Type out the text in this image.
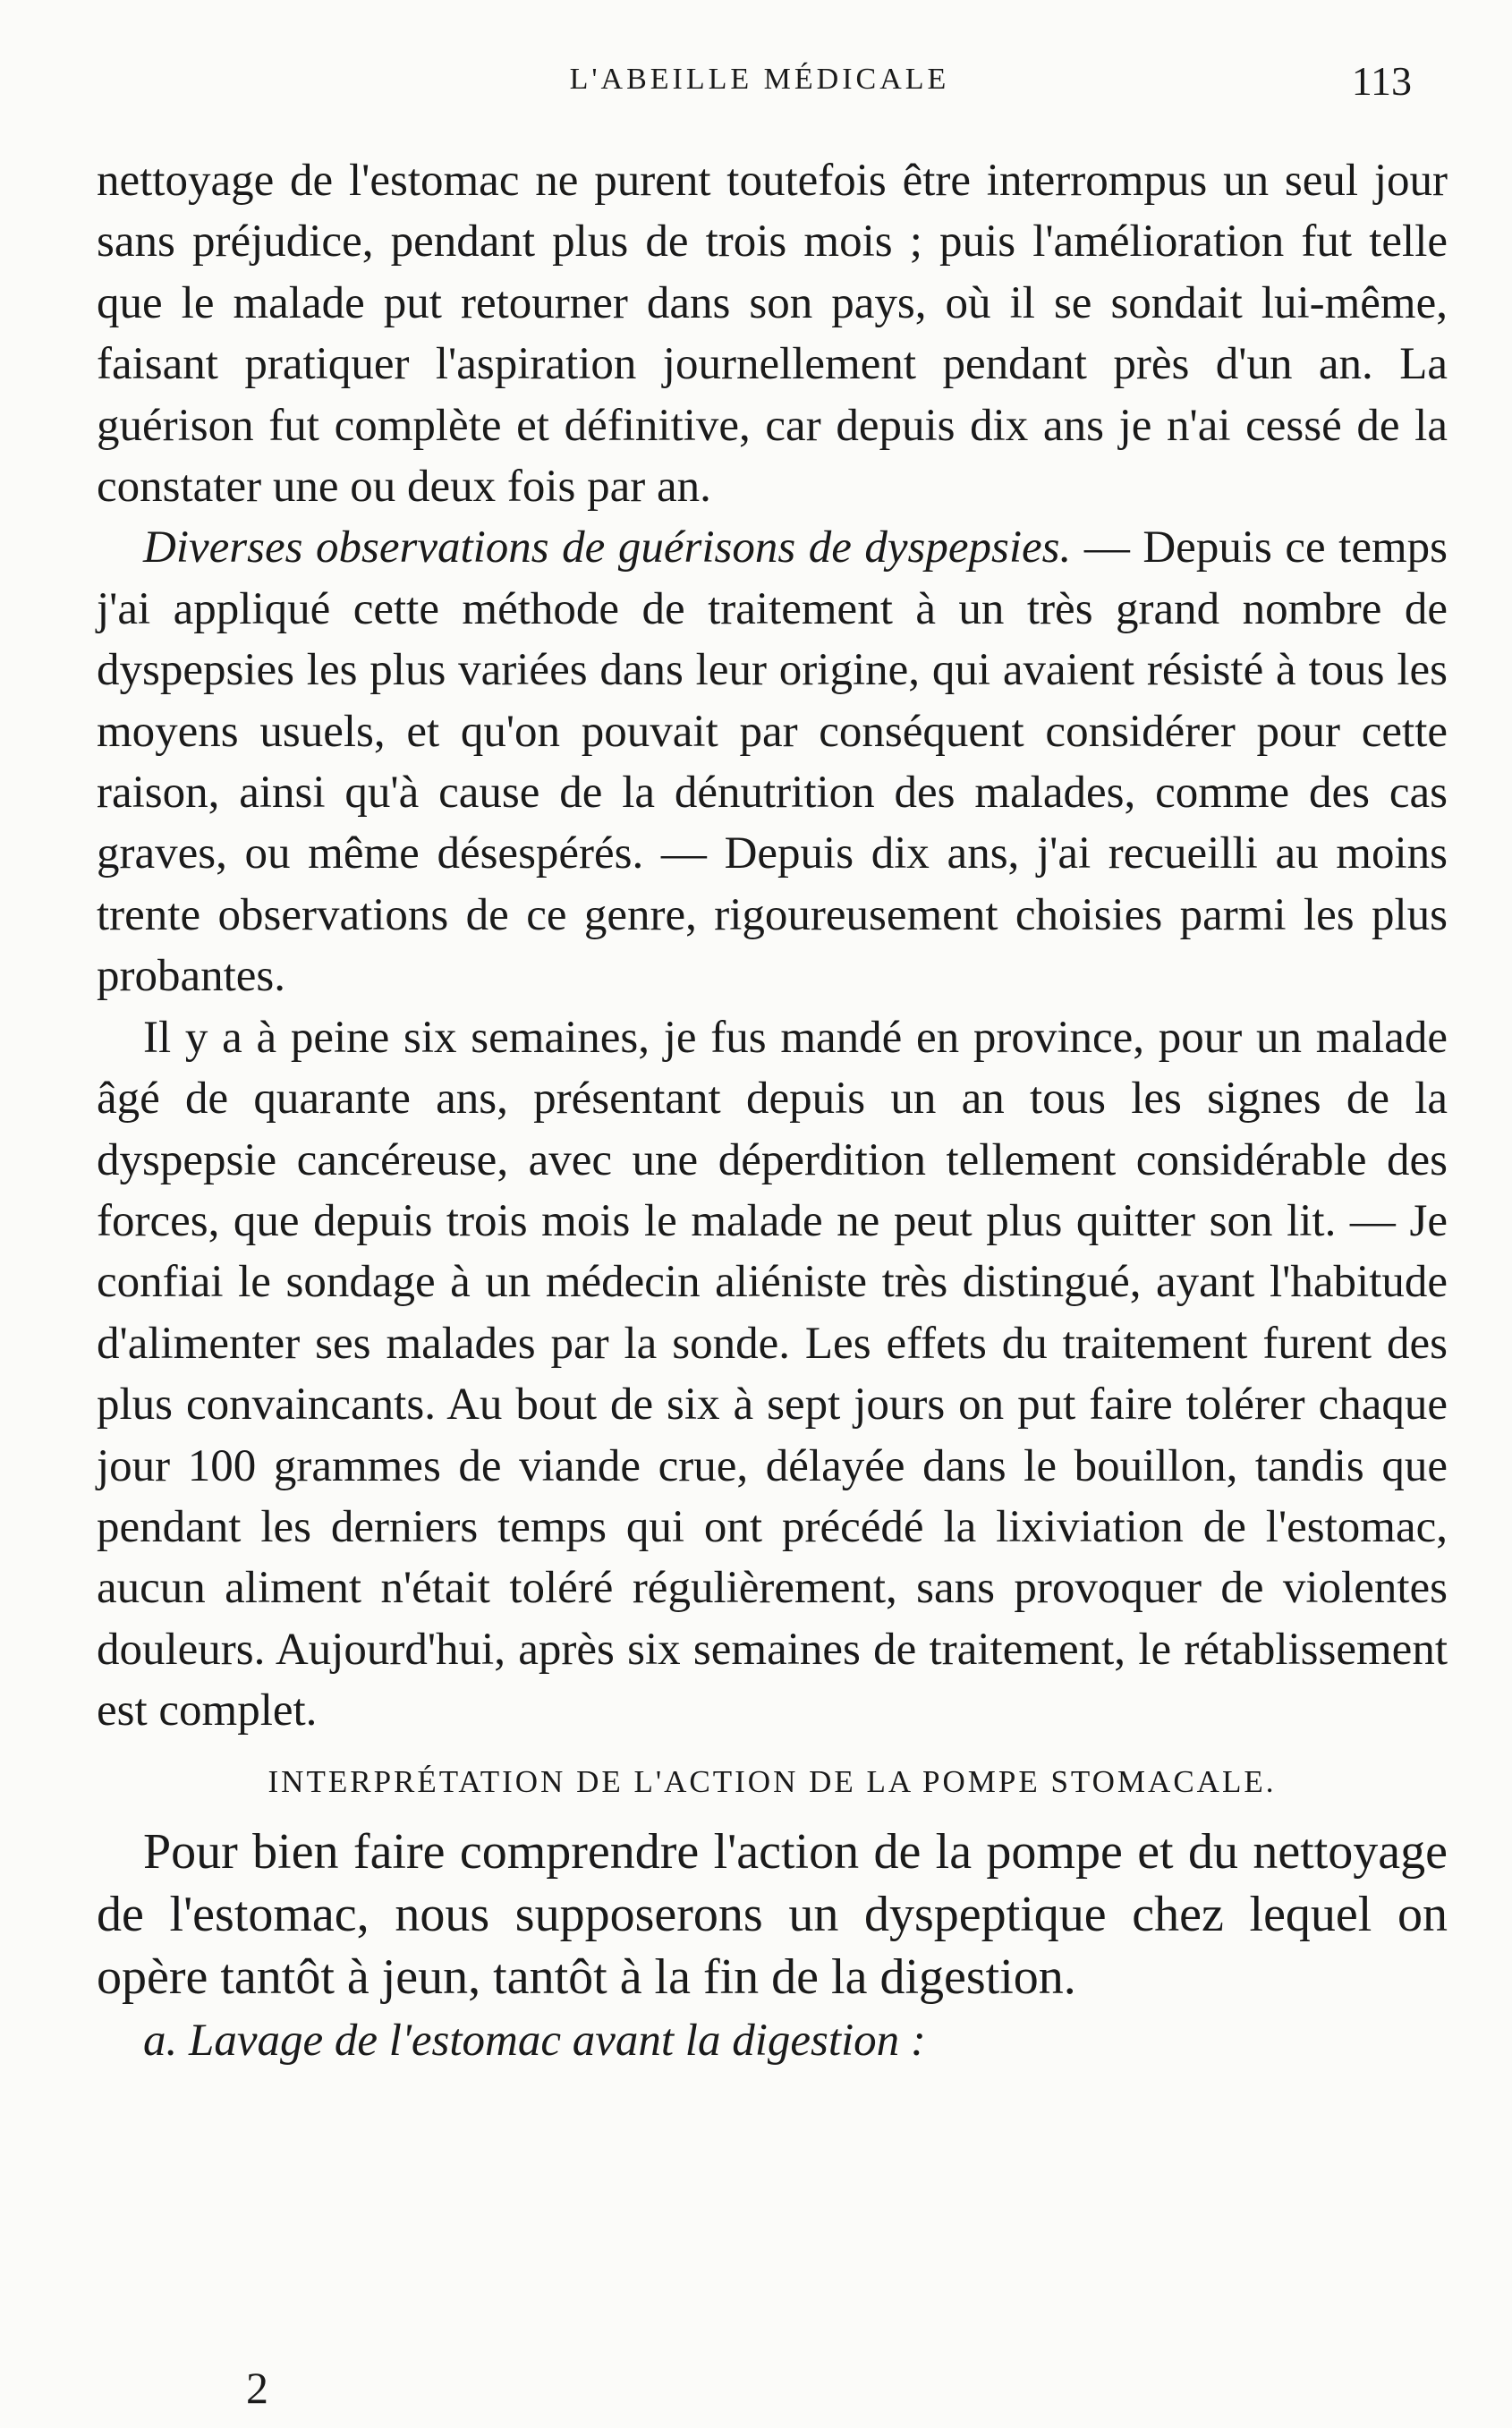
L'ABEILLE MÉDICALE	113

nettoyage de l'estomac ne purent toutefois être interrompus un seul jour sans préjudice, pendant plus de trois mois ; puis l'amélioration fut telle que le malade put retourner dans son pays, où il se sondait lui-même, faisant pratiquer l'aspiration journellement pendant près d'un an. La guérison fut complète et définitive, car depuis dix ans je n'ai cessé de la constater une ou deux fois par an.

Diverses observations de guérisons de dyspepsies. — Depuis ce temps j'ai appliqué cette méthode de traitement à un très grand nombre de dyspepsies les plus variées dans leur origine, qui avaient résisté à tous les moyens usuels, et qu'on pouvait par conséquent considérer pour cette raison, ainsi qu'à cause de la dénutrition des malades, comme des cas graves, ou même désespérés. — Depuis dix ans, j'ai recueilli au moins trente observations de ce genre, rigoureusement choisies parmi les plus probantes.

Il y a à peine six semaines, je fus mandé en province, pour un malade âgé de quarante ans, présentant depuis un an tous les signes de la dyspepsie cancéreuse, avec une déperdition tellement considérable des forces, que depuis trois mois le malade ne peut plus quitter son lit. — Je confiai le sondage à un médecin aliéniste très distingué, ayant l'habitude d'alimenter ses malades par la sonde. Les effets du traitement furent des plus convaincants. Au bout de six à sept jours on put faire tolérer chaque jour 100 grammes de viande crue, délayée dans le bouillon, tandis que pendant les derniers temps qui ont précédé la lixiviation de l'estomac, aucun aliment n'était toléré régulièrement, sans provoquer de violentes douleurs. Aujourd'hui, après six semaines de traitement, le rétablissement est complet.

INTERPRÉTATION DE L'ACTION DE LA POMPE STOMACALE.

Pour bien faire comprendre l'action de la pompe et du nettoyage de l'estomac, nous supposerons un dyspeptique chez lequel on opère tantôt à jeun, tantôt à la fin de la digestion.

a. Lavage de l'estomac avant la digestion :
2
